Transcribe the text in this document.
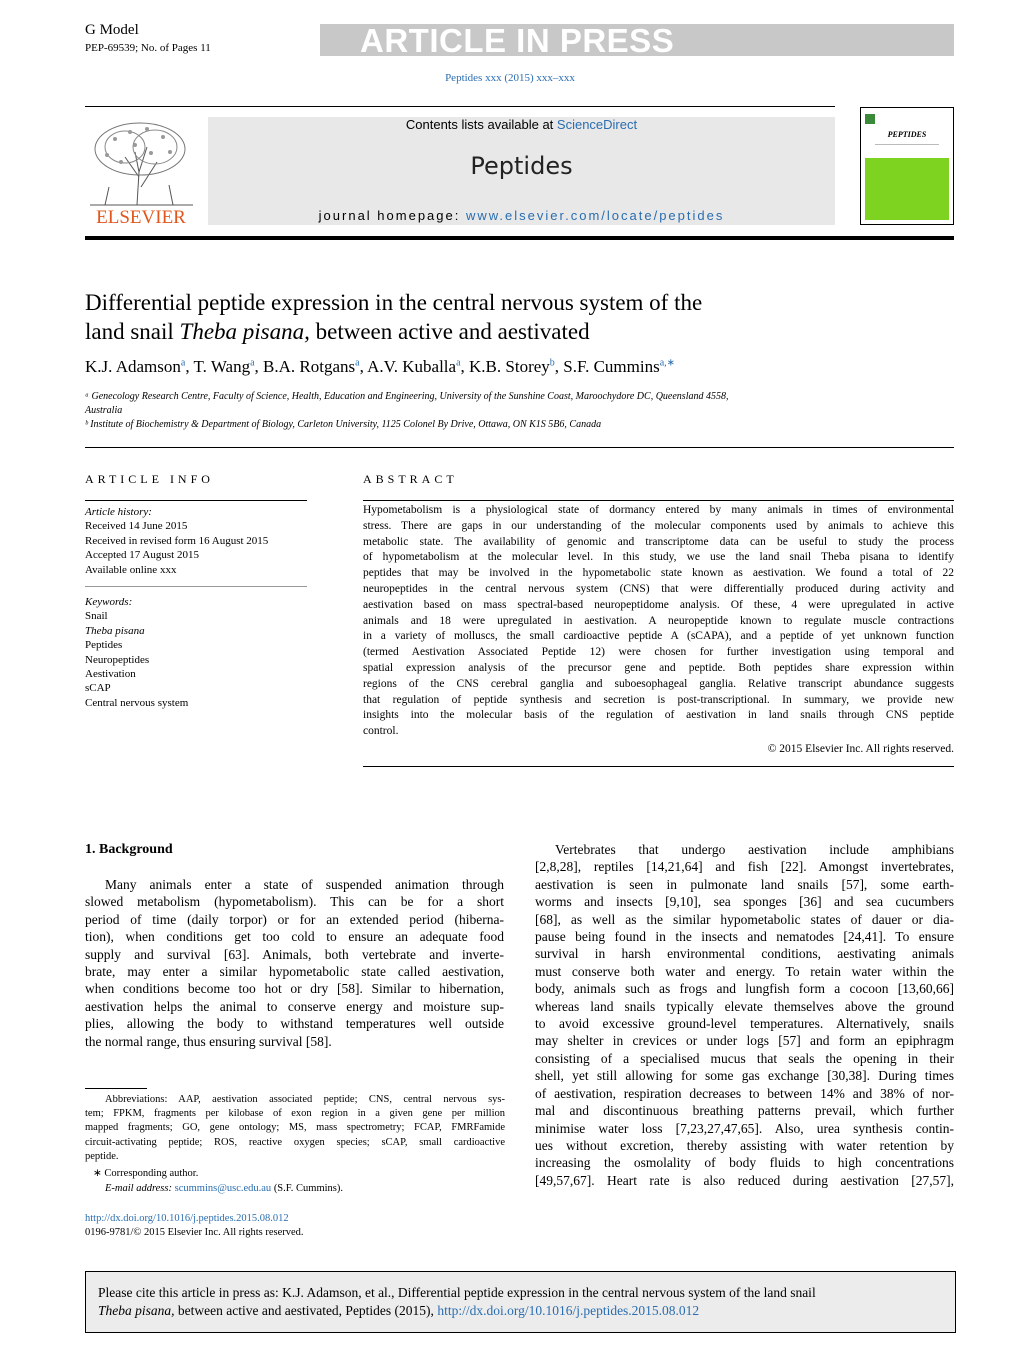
G Model
PEP-69539; No. of Pages 11	ARTICLE IN PRESS
Peptides xxx (2015) xxx–xxx
ELSEVIER
Contents lists available at ScienceDirect
Peptides
journal homepage: www.elsevier.com/locate/peptides
PEPTIDES
Differential peptide expression in the central nervous system of the
land snail Theba pisana, between active and aestivated
K.J. Adamson$^a$, T. Wang$^a$, B.A. Rotgans$^a$, A.V. Kuballa$^a$, K.B. Storey$^b$, S.F. Cummins$^{a,∗}$
ᵃ Genecology Research Centre, Faculty of Science, Health, Education and Engineering, University of the Sunshine Coast, Maroochydore DC, Queensland 4558,
Australia
ᵇ Institute of Biochemistry & Department of Biology, Carleton University, 1125 Colonel By Drive, Ottawa, ON K1S 5B6, Canada
ARTICLE INFO
Article history:
Received 14 June 2015
Received in revised form 16 August 2015
Accepted 17 August 2015
Available online xxx
Keywords:
Snail
Theba pisana
Peptides
Neuropeptides
Aestivation
sCAP
Central nervous system
ABSTRACT
Hypometabolism is a physiological state of dormancy entered by many animals in times of environmental
stress. There are gaps in our understanding of the molecular components used by animals to achieve this
metabolic state. The availability of genomic and transcriptome data can be useful to study the process
of hypometabolism at the molecular level. In this study, we use the land snail Theba pisana to identify
peptides that may be involved in the hypometabolic state known as aestivation. We found a total of 22
neuropeptides in the central nervous system (CNS) that were differentially produced during activity and
aestivation based on mass spectral-based neuropeptidome analysis. Of these, 4 were upregulated in active
animals and 18 were upregulated in aestivation. A neuropeptide known to regulate muscle contractions
in a variety of molluscs, the small cardioactive peptide A (sCAPA), and a peptide of yet unknown function
(termed Aestivation Associated Peptide 12) were chosen for further investigation using temporal and
spatial expression analysis of the precursor gene and peptide. Both peptides share expression within
regions of the CNS cerebral ganglia and suboesophageal ganglia. Relative transcript abundance suggests
that regulation of peptide synthesis and secretion is post-transcriptional. In summary, we provide new
insights into the molecular basis of the regulation of aestivation in land snails through CNS peptide
control.
© 2015 Elsevier Inc. All rights reserved.
1. Background
Many animals enter a state of suspended animation through
slowed metabolism (hypometabolism). This can be for a short
period of time (daily torpor) or for an extended period (hiberna-
tion), when conditions get too cold to ensure an adequate food
supply and survival [63]. Animals, both vertebrate and inverte-
brate, may enter a similar hypometabolic state called aestivation,
when conditions become too hot or dry [58]. Similar to hibernation,
aestivation helps the animal to conserve energy and moisture sup-
plies, allowing the body to withstand temperatures well outside
the normal range, thus ensuring survival [58].
Vertebrates that undergo aestivation include amphibians
[2,8,28], reptiles [14,21,64] and fish [22]. Amongst invertebrates,
aestivation is seen in pulmonate land snails [57], some earth-
worms and insects [9,10], sea sponges [36] and sea cucumbers
[68], as well as the similar hypometabolic states of dauer or dia-
pause being found in the insects and nematodes [24,41]. To ensure
survival in harsh environmental conditions, aestivating animals
must conserve both water and energy. To retain water within the
body, animals such as frogs and lungfish form a cocoon [13,60,66]
whereas land snails typically elevate themselves above the ground
to avoid excessive ground-level temperatures. Alternatively, snails
may shelter in crevices or under logs [57] and form an epiphragm
consisting of a specialised mucus that seals the opening in their
shell, yet still allowing for some gas exchange [30,38]. During times
of aestivation, respiration decreases to between 14% and 38% of nor-
mal and discontinuous breathing patterns prevail, which further
minimise water loss [7,23,27,47,65]. Also, urea synthesis contin-
ues without excretion, thereby assisting with water retention by
increasing the osmolality of body fluids to high concentrations
[49,57,67]. Heart rate is also reduced during aestivation [27,57],
Abbreviations: AAP, aestivation associated peptide; CNS, central nervous sys-
tem; FPKM, fragments per kilobase of exon region in a given gene per million
mapped fragments; GO, gene ontology; MS, mass spectrometry; FCAP, FMRFamide
circuit-activating peptide; ROS, reactive oxygen species; sCAP, small cardioactive
peptide.
∗ Corresponding author.
E-mail address: scummins@usc.edu.au (S.F. Cummins).
http://dx.doi.org/10.1016/j.peptides.2015.08.012
0196-9781/© 2015 Elsevier Inc. All rights reserved.
Please cite this article in press as: K.J. Adamson, et al., Differential peptide expression in the central nervous system of the land snail
Theba pisana, between active and aestivated, Peptides (2015), http://dx.doi.org/10.1016/j.peptides.2015.08.012
